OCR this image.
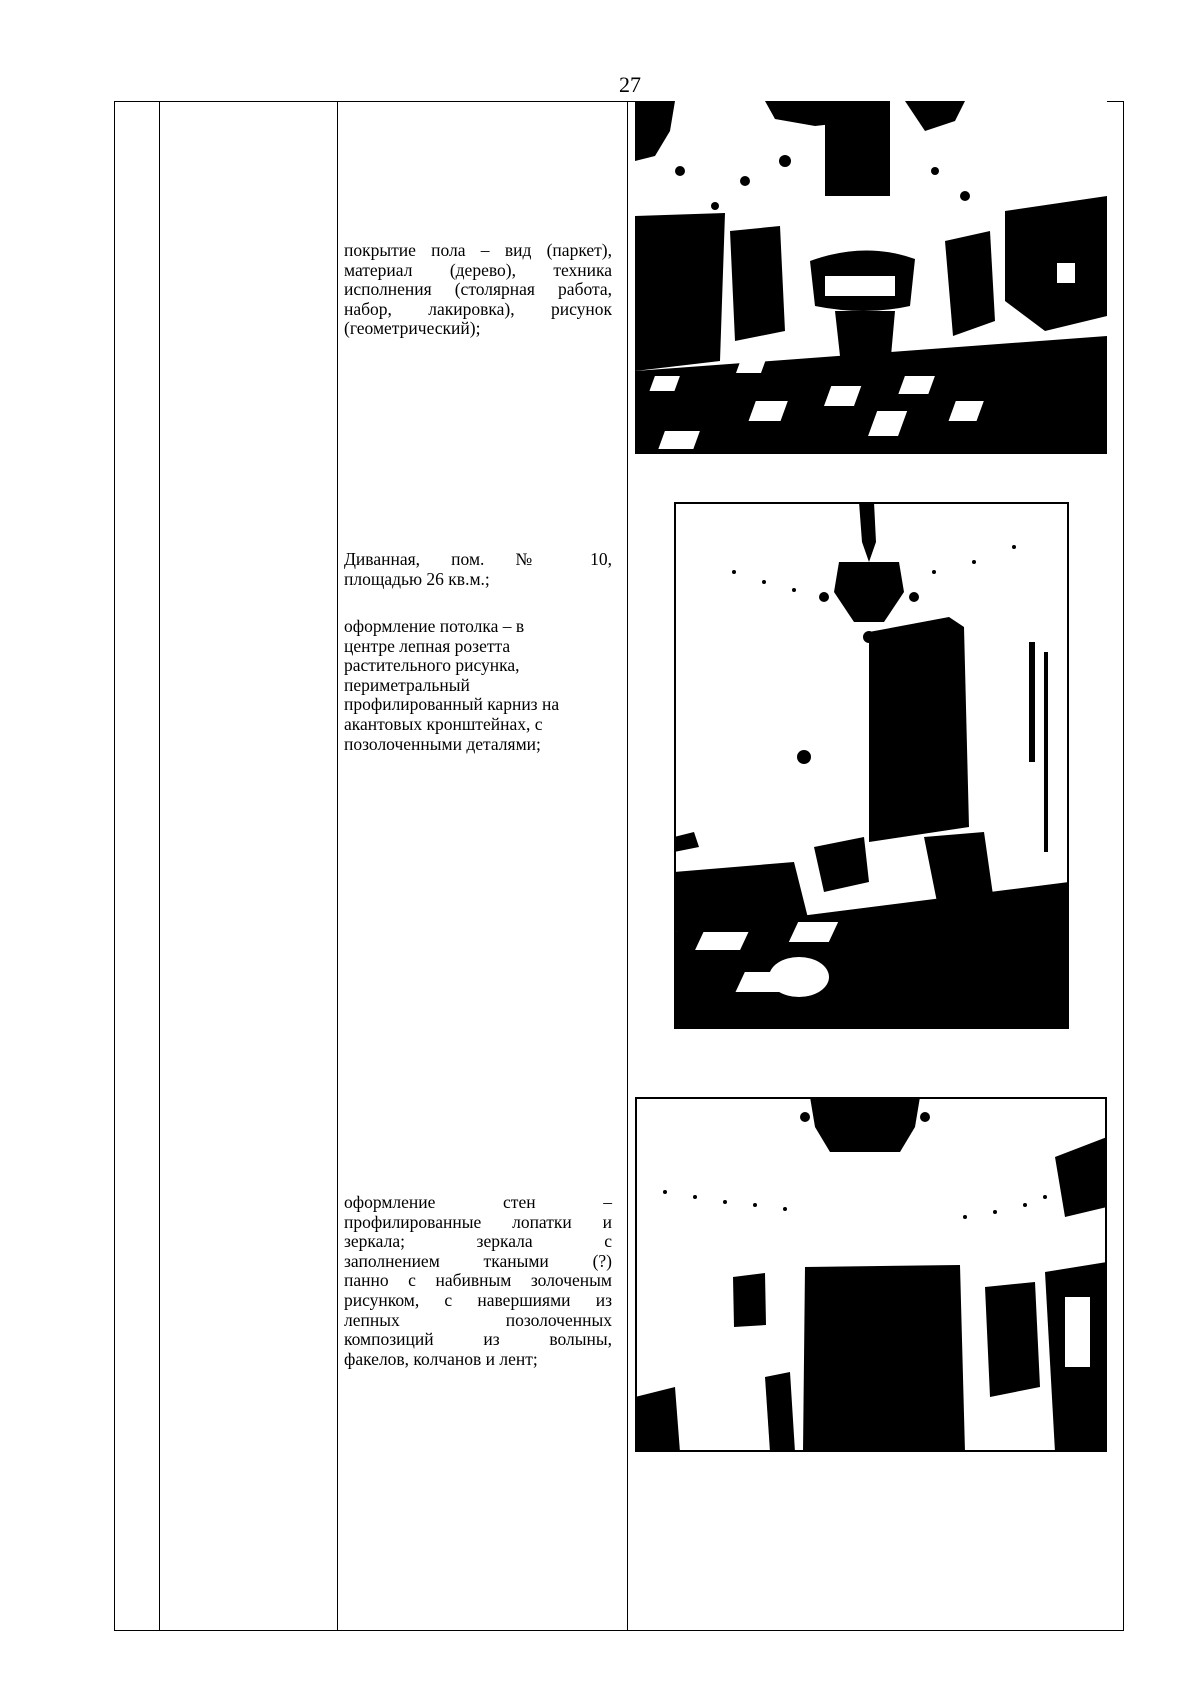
27

покрытие пола – вид (паркет),

материал (дерево), техника

исполнения (столярная работа,

набор, лакировка), рисунок

(геометрический);

Диванная, пом. № 10,

площадью 26 кв.м.;

оформление потолка – в

центре лепная розетта

растительного рисунка,

периметральный

профилированный карниз на

акантовых кронштейнах, с

позолоченными деталями;

оформление стен –

профилированные лопатки и

зеркала; зеркала с

заполнением ткаными (?)

панно с набивным золоченым

рисунком, с навершиями из

лепных позолоченных

композиций из волыны,

факелов, колчанов и лент;
